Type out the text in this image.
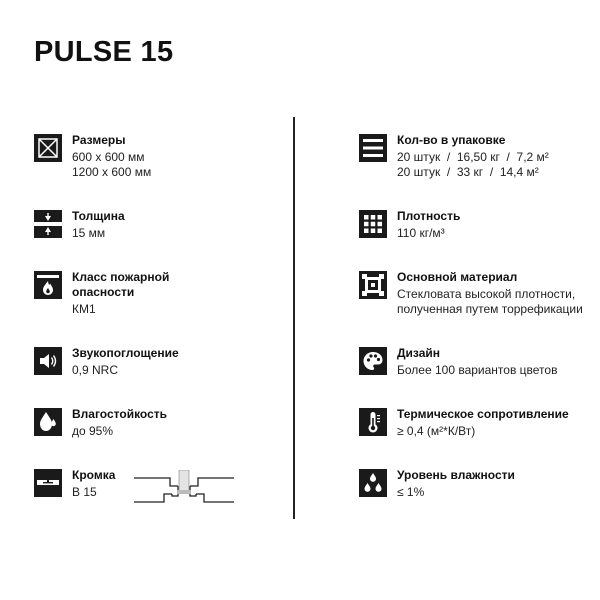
PULSE 15
Размеры
600 x 600 мм
1200 x 600 мм
Толщина
15 мм
Класс пожарной опасности
КМ1
Звукопоглощение
0,9 NRC
Влагостойкость
до 95%
Кромка
В 15
Кол-во в упаковке
20 штук  /  16,50 кг  /  7,2 м²
20 штук  /  33 кг  /  14,4 м²
Плотность
110 кг/м³
Основной материал
Стекловата высокой плотности,
полученная путем торрефикации
Дизайн
Более 100 вариантов цветов
Термическое сопротивление
≥ 0,4 (м²*К/Вт)
Уровень влажности
≤ 1%
